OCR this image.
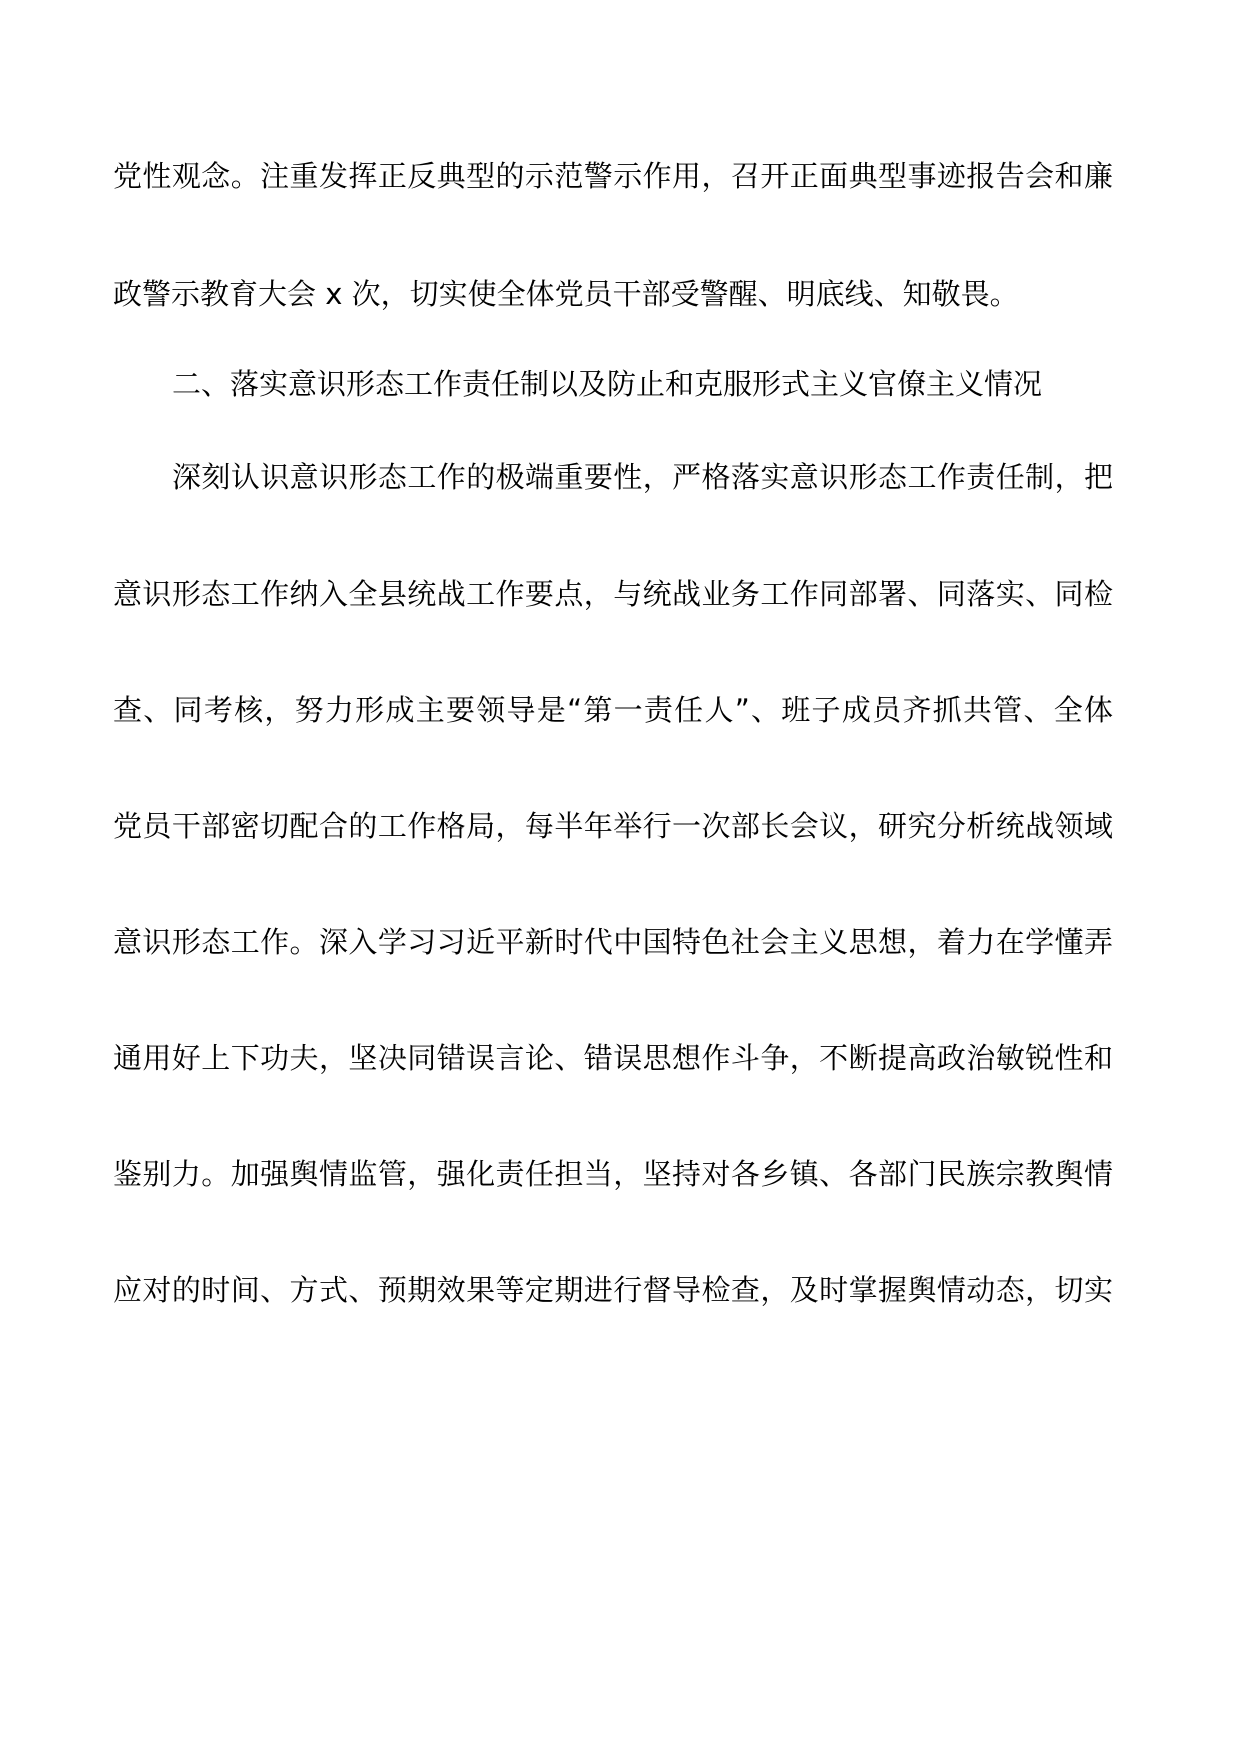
党性观念。注重发挥正反典型的示范警示作用，召开正面典型事迹报告会和廉
政警示教育大会 x 次，切实使全体党员干部受警醒、明底线、知敬畏。
二、落实意识形态工作责任制以及防止和克服形式主义官僚主义情况
深刻认识意识形态工作的极端重要性，严格落实意识形态工作责任制，把
意识形态工作纳入全县统战工作要点，与统战业务工作同部署、同落实、同检
查、同考核，努力形成主要领导是“第一责任人”、班子成员齐抓共管、全体
党员干部密切配合的工作格局，每半年举行一次部长会议，研究分析统战领域
意识形态工作。深入学习习近平新时代中国特色社会主义思想，着力在学懂弄
通用好上下功夫，坚决同错误言论、错误思想作斗争，不断提高政治敏锐性和
鉴别力。加强舆情监管，强化责任担当，坚持对各乡镇、各部门民族宗教舆情
应对的时间、方式、预期效果等定期进行督导检查，及时掌握舆情动态，切实
